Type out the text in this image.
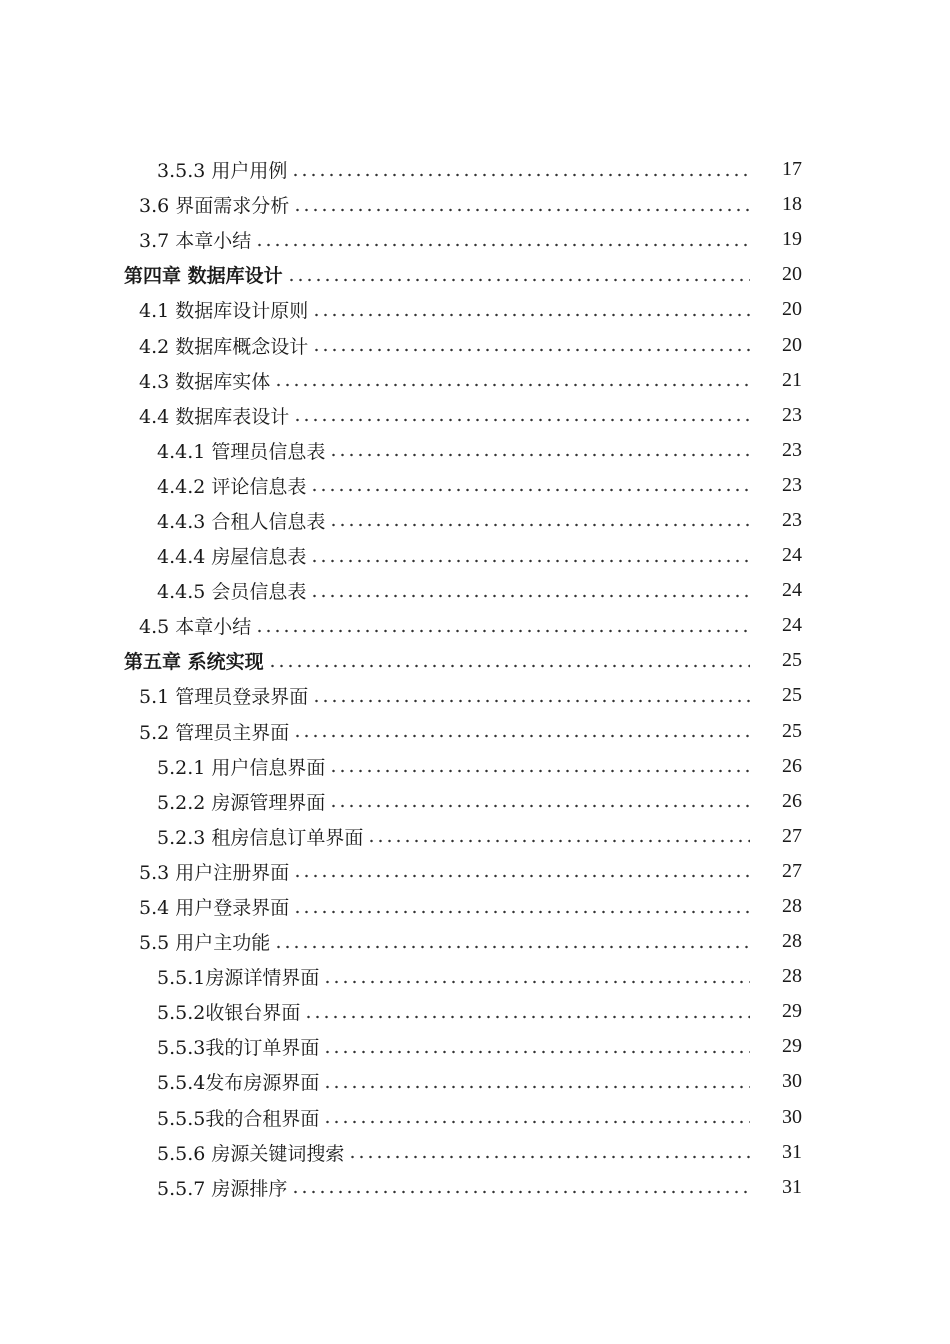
3.5.3 用户用例	17
3.6 界面需求分析	18
3.7 本章小结	19
第四章 数据库设计	20
4.1 数据库设计原则	20
4.2 数据库概念设计	20
4.3 数据库实体	21
4.4 数据库表设计	23
4.4.1 管理员信息表	23
4.4.2 评论信息表	23
4.4.3 合租人信息表	23
4.4.4 房屋信息表	24
4.4.5 会员信息表	24
4.5 本章小结	24
第五章 系统实现	25
5.1 管理员登录界面	25
5.2 管理员主界面	25
5.2.1 用户信息界面	26
5.2.2 房源管理界面	26
5.2.3 租房信息订单界面	27
5.3 用户注册界面	27
5.4 用户登录界面	28
5.5 用户主功能	28
5.5.1房源详情界面	28
5.5.2收银台界面	29
5.5.3我的订单界面	29
5.5.4发布房源界面	30
5.5.5我的合租界面	30
5.5.6 房源关键词搜索	31
5.5.7 房源排序	31
